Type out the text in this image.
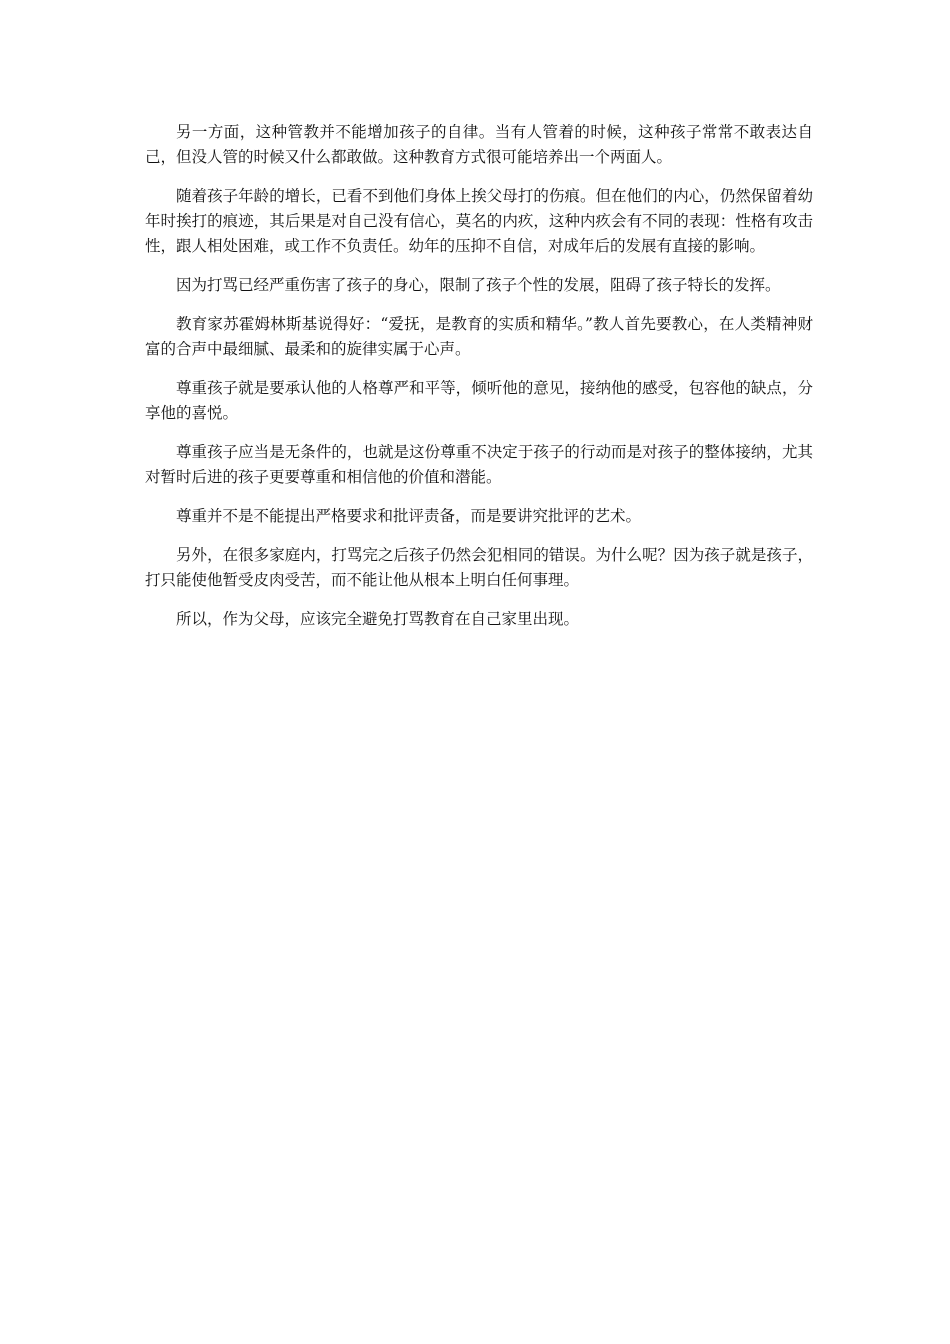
另一方面，这种管教并不能增加孩子的自律。当有人管着的时候，这种孩子常常不敢表达自己，但没人管的时候又什么都敢做。这种教育方式很可能培养出一个两面人。

随着孩子年龄的增长，已看不到他们身体上挨父母打的伤痕。但在他们的内心，仍然保留着幼年时挨打的痕迹，其后果是对自己没有信心，莫名的内疚，这种内疚会有不同的表现：性格有攻击性，跟人相处困难，或工作不负责任。幼年的压抑不自信，对成年后的发展有直接的影响。

因为打骂已经严重伤害了孩子的身心，限制了孩子个性的发展，阻碍了孩子特长的发挥。

教育家苏霍姆林斯基说得好：“爱抚，是教育的实质和精华。”教人首先要教心，在人类精神财富的合声中最细腻、最柔和的旋律实属于心声。

尊重孩子就是要承认他的人格尊严和平等，倾听他的意见，接纳他的感受，包容他的缺点，分享他的喜悦。

尊重孩子应当是无条件的，也就是这份尊重不决定于孩子的行动而是对孩子的整体接纳，尤其对暂时后进的孩子更要尊重和相信他的价值和潜能。

尊重并不是不能提出严格要求和批评责备，而是要讲究批评的艺术。

另外，在很多家庭内，打骂完之后孩子仍然会犯相同的错误。为什么呢？因为孩子就是孩子，打只能使他暂受皮肉受苦，而不能让他从根本上明白任何事理。

所以，作为父母，应该完全避免打骂教育在自己家里出现。
